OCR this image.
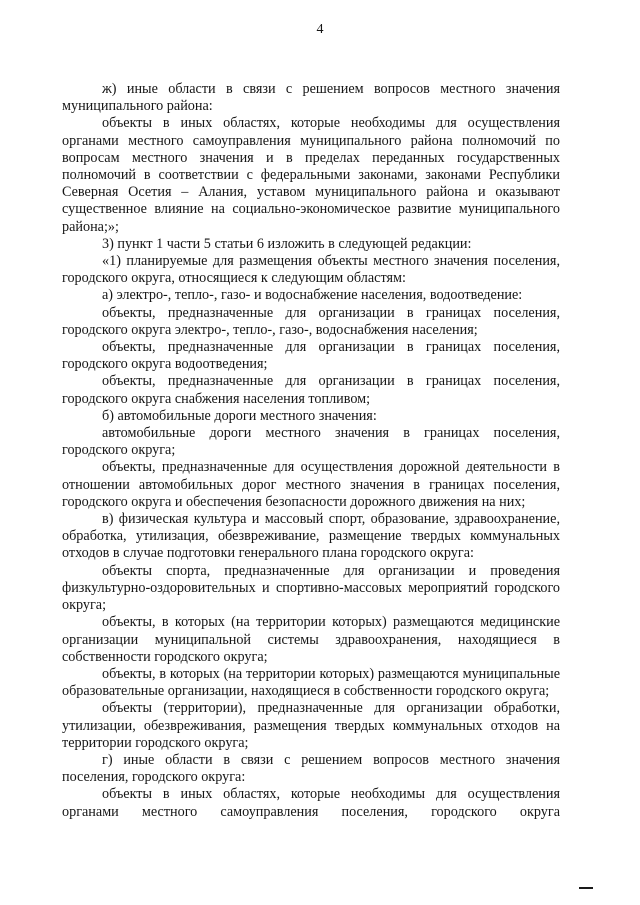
4

ж) иные области в связи с решением вопросов местного значения муниципального района:

объекты в иных областях, которые необходимы для осуществления органами местного самоуправления муниципального района полномочий по вопросам местного значения и в пределах переданных государственных полномочий в соответствии с федеральными законами, законами Республики Северная Осетия – Алания, уставом муниципального района и оказывают существенное влияние на социально-экономическое развитие муниципального района;»;

3) пункт 1 части 5 статьи 6 изложить в следующей редакции:

«1) планируемые для размещения объекты местного значения поселения, городского округа, относящиеся к следующим областям:

а) электро-, тепло-, газо- и водоснабжение населения, водоотведение:

объекты, предназначенные для организации в границах поселения, городского округа электро-, тепло-, газо-, водоснабжения населения;

объекты, предназначенные для организации в границах поселения, городского округа водоотведения;

объекты, предназначенные для организации в границах поселения, городского округа снабжения населения топливом;

б) автомобильные дороги местного значения:

автомобильные дороги местного значения в границах поселения, городского округа;

объекты, предназначенные для осуществления дорожной деятельности в отношении автомобильных дорог местного значения в границах поселения, городского округа и обеспечения безопасности дорожного движения на них;

в) физическая культура и массовый спорт, образование, здравоохранение, обработка, утилизация, обезвреживание, размещение твердых коммунальных отходов в случае подготовки генерального плана городского округа:

объекты спорта, предназначенные для организации и проведения физкультурно-оздоровительных и спортивно-массовых мероприятий городского округа;

объекты, в которых (на территории которых) размещаются медицинские организации муниципальной системы здравоохранения, находящиеся в собственности городского округа;

объекты, в которых (на территории которых) размещаются муниципальные образовательные организации, находящиеся в собственности городского округа;

объекты (территории), предназначенные для организации обработки, утилизации, обезвреживания, размещения твердых коммунальных отходов на территории городского округа;

г) иные области в связи с решением вопросов местного значения поселения, городского округа:

объекты в иных областях, которые необходимы для осуществления органами местного самоуправления поселения, городского округа
